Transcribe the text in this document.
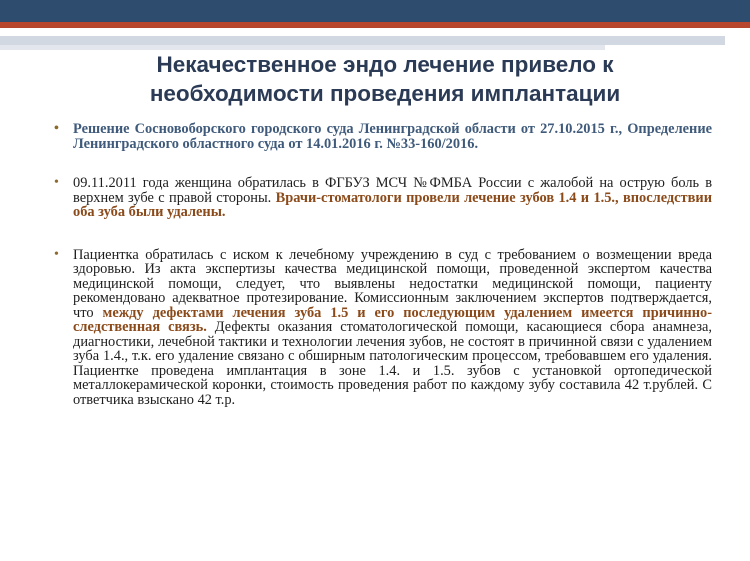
Некачественное эндо лечение привело к
необходимости проведения имплантации
• Решение Сосновоборского городского суда Ленинградской области от 27.10.2015 г., Определение Ленинградского областного суда от 14.01.2016 г. №33-160/2016.
• 09.11.2011 года женщина обратилась в ФГБУЗ МСЧ №ФМБА России с жалобой на острую боль в верхнем зубе с правой стороны. Врачи-стоматологи провели лечение зубов 1.4 и 1.5., впоследствии оба зуба были удалены.
• Пациентка обратилась с иском к лечебному учреждению в суд с требованием о возмещении вреда здоровью. Из акта экспертизы качества медицинской помощи, проведенной экспертом качества медицинской помощи, следует, что выявлены недостатки медицинской помощи, пациенту рекомендовано адекватное протезирование. Комиссионным заключением экспертов подтверждается, что между дефектами лечения зуба 1.5 и его последующим удалением имеется причинно-следственная связь. Дефекты оказания стоматологической помощи, касающиеся сбора анамнеза, диагностики, лечебной тактики и технологии лечения зубов, не состоят в причинной связи с удалением зуба 1.4., т.к. его удаление связано с обширным патологическим процессом, требовавшем его удаления. Пациентке проведена имплантация в зоне 1.4. и 1.5. зубов с установкой ортопедической металлокерамической коронки, стоимость проведения работ по каждому зубу составила 42 т.рублей. С ответчика взыскано 42 т.р.
